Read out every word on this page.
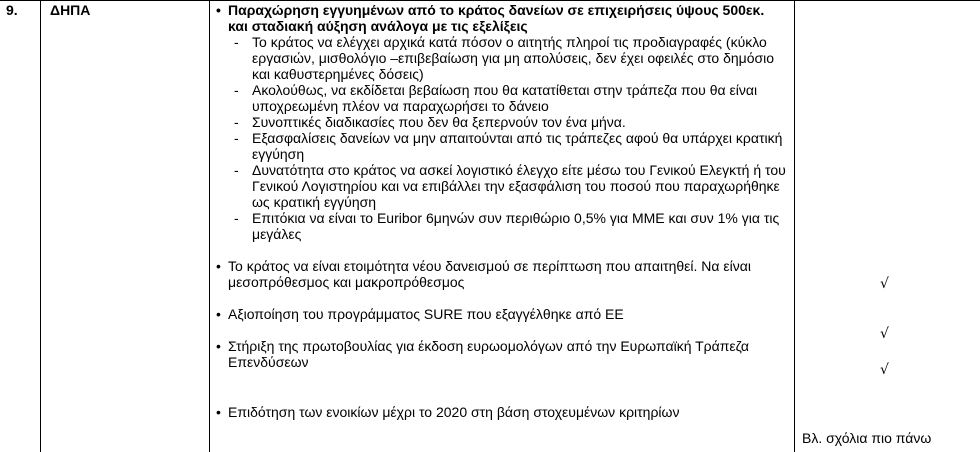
9. ΔΗΠΑ
•	Παραχώρηση εγγυημένων από το κράτος δανείων σε επιχειρήσεις ύψους 500εκ. και σταδιακή αύξηση ανάλογα με τις εξελίξεις
- Το κράτος να ελέγχει αρχικά κατά πόσον ο αιτητής πληροί τις προδιαγραφές (κύκλο εργασιών, μισθολόγιο –επιβεβαίωση για μη απολύσεις, δεν έχει οφειλές στο δημόσιο και καθυστερημένες δόσεις)
- Ακολούθως, να εκδίδεται βεβαίωση που θα κατατίθεται στην τράπεζα που θα είναι υποχρεωμένη πλέον να παραχωρήσει το δάνειο
- Συνοπτικές διαδικασίες που δεν θα ξεπερνούν τον ένα μήνα.
- Εξασφαλίσεις δανείων να μην απαιτούνται από τις τράπεζες αφού θα υπάρχει κρατική εγγύηση
- Δυνατότητα στο κράτος να ασκεί λογιστικό έλεγχο είτε μέσω του Γενικού Ελεγκτή ή του Γενικού Λογιστηρίου και να επιβάλλει την εξασφάλιση του ποσού που παραχωρήθηκε ως κρατική εγγύηση
- Επιτόκια να είναι το Euribor 6μηνών συν περιθώριο 0,5% για ΜΜΕ και συν 1% για τις μεγάλες
• Το κράτος να είναι ετοιμότητα νέου δανεισμού σε περίπτωση που απαιτηθεί. Να είναι μεσοπρόθεσμος και μακροπρόθεσμος
• Αξιοποίηση του προγράμματος SURE που εξαγγέλθηκε από ΕΕ
• Στήριξη της πρωτοβουλίας για έκδοση ευρωομολόγων από την Ευρωπαϊκή Τράπεζα Επενδύσεων
• Επιδότηση των ενοικίων μέχρι το 2020 στη βάση στοχευμένων κριτηρίων
√
√
√
Βλ. σχόλια πιο πάνω
